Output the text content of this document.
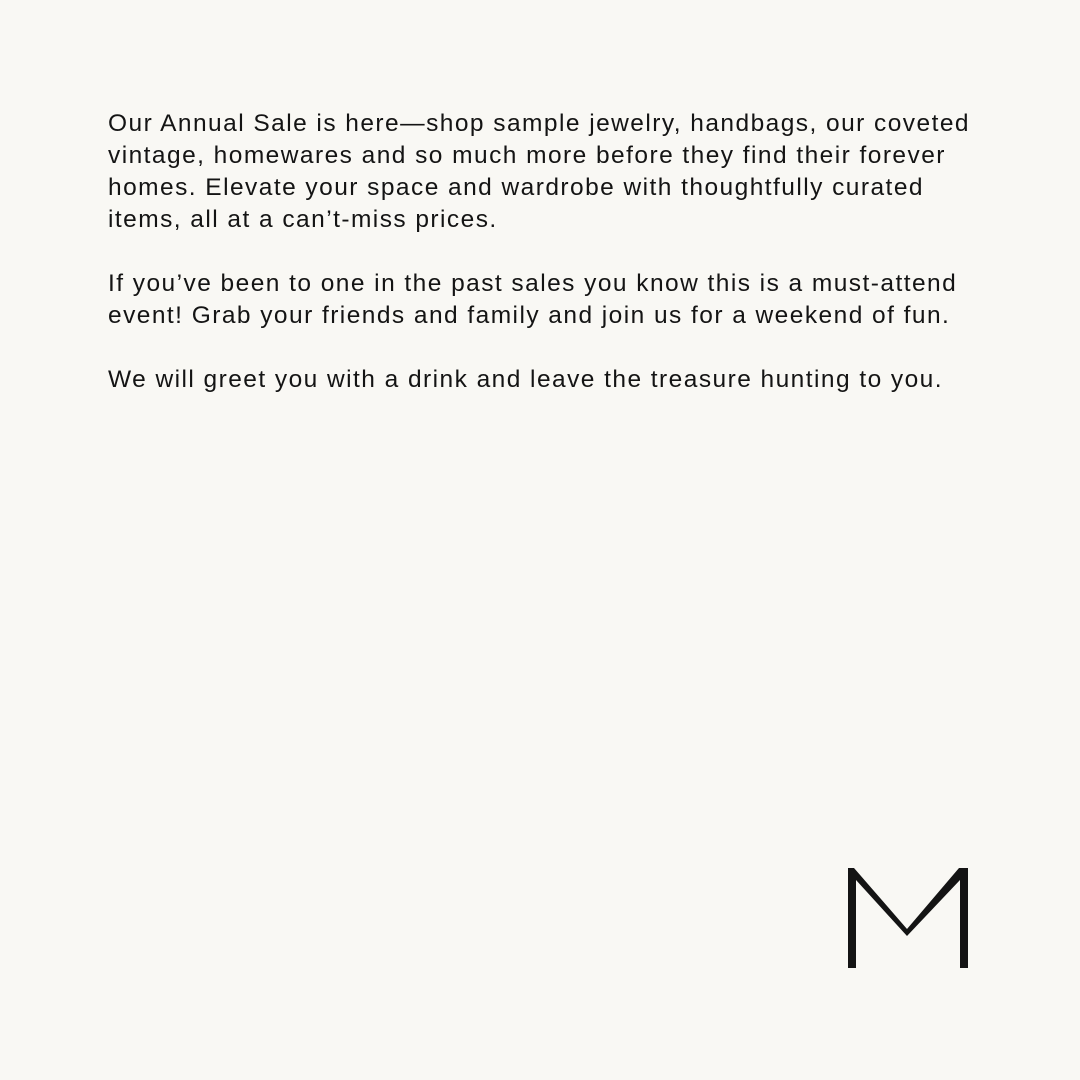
Our Annual Sale is here—shop sample jewelry, handbags, our coveted vintage, homewares and so much more before they find their forever homes. Elevate your space and wardrobe with thoughtfully curated items, all at a can’t-miss prices.

If you’ve been to one in the past sales you know this is a must-attend event! Grab your friends and family and join us for a weekend of fun.

We will greet you with a drink and leave the treasure hunting to you.
